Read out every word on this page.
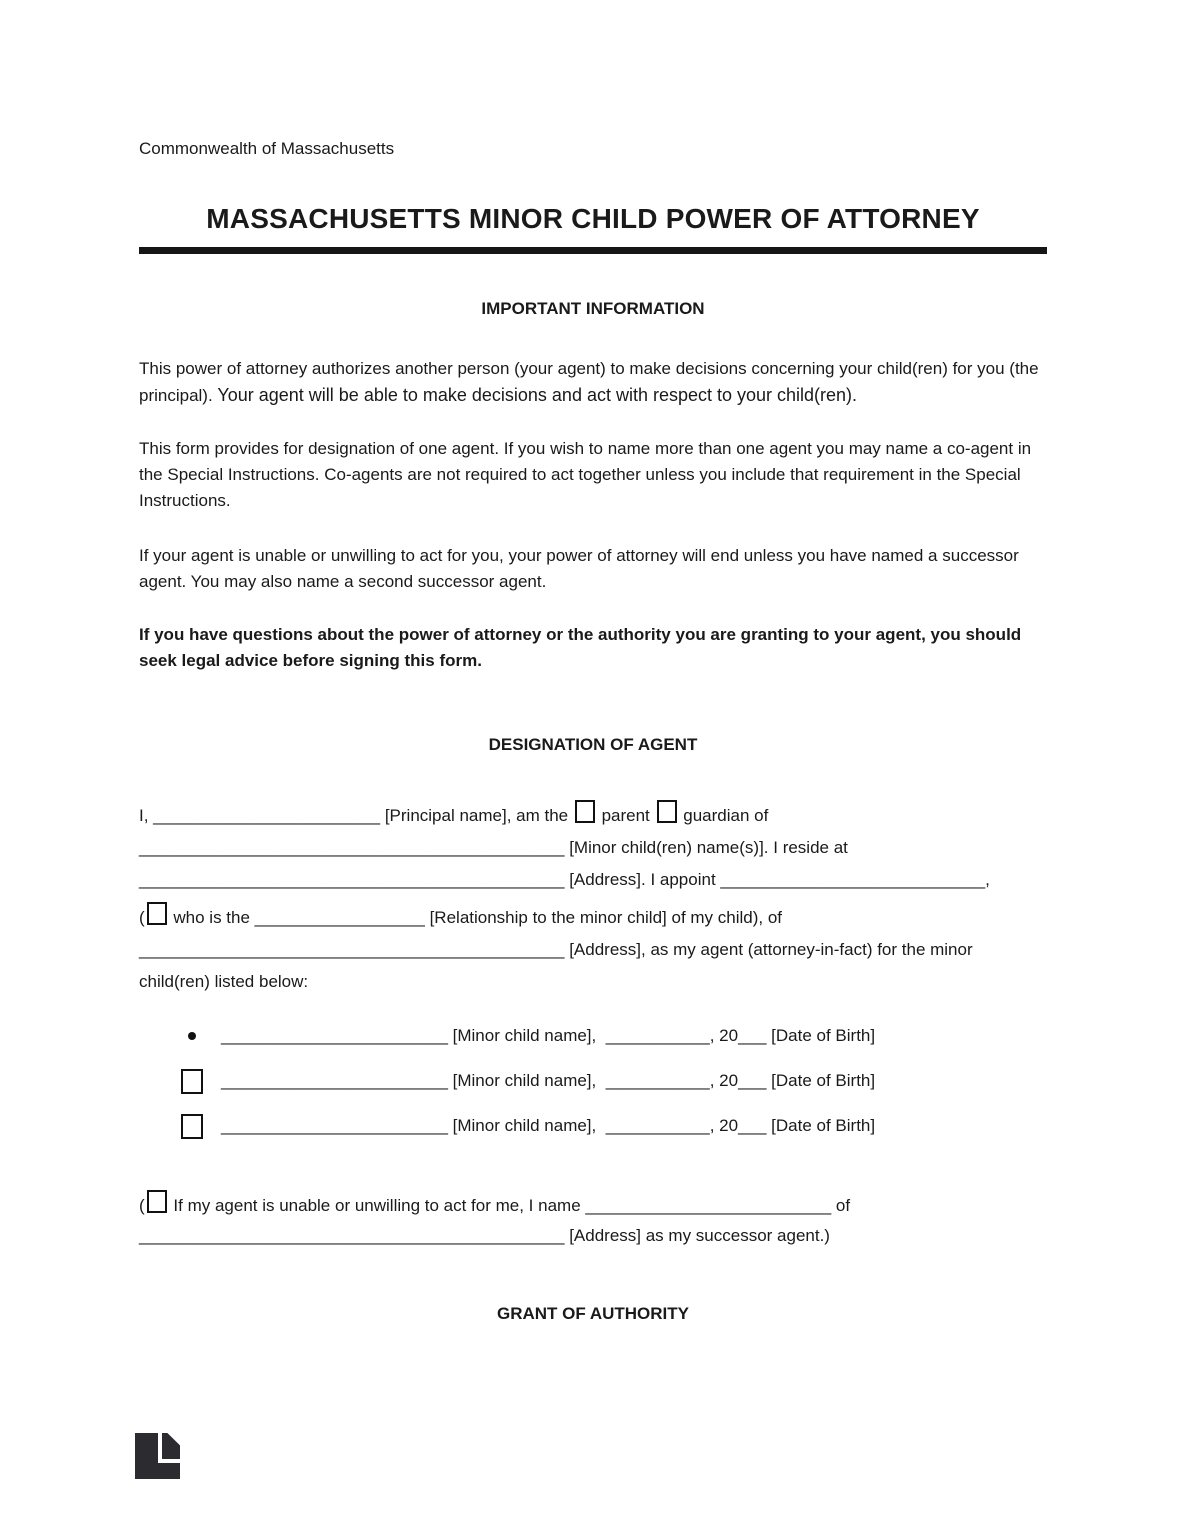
Commonwealth of Massachusetts

MASSACHUSETTS MINOR CHILD POWER OF ATTORNEY
IMPORTANT INFORMATION

This power of attorney authorizes another person (your agent) to make decisions concerning your child(ren) for you (the principal). Your agent will be able to make decisions and act with respect to your child(ren).

This form provides for designation of one agent. If you wish to name more than one agent you may name a co-agent in the Special Instructions. Co-agents are not required to act together unless you include that requirement in the Special Instructions.

If your agent is unable or unwilling to act for you, your power of attorney will end unless you have named a successor agent. You may also name a second successor agent.

If you have questions about the power of attorney or the authority you are granting to your agent, you should seek legal advice before signing this form.

DESIGNATION OF AGENT
I, ________________________ [Principal name], am the  parent  guardian of
_____________________________________________ [Minor child(ren) name(s)]. I reside at
_____________________________________________ [Address]. I appoint ____________________________,
( who is the __________________ [Relationship to the minor child] of my child), of
_____________________________________________ [Address], as my agent (attorney-in-fact) for the minor
child(ren) listed below:
________________________ [Minor child name],  ___________, 20___ [Date of Birth]
________________________ [Minor child name],  ___________, 20___ [Date of Birth]
________________________ [Minor child name],  ___________, 20___ [Date of Birth]
( If my agent is unable or unwilling to act for me, I name __________________________ of
_____________________________________________ [Address] as my successor agent.)
GRANT OF AUTHORITY
